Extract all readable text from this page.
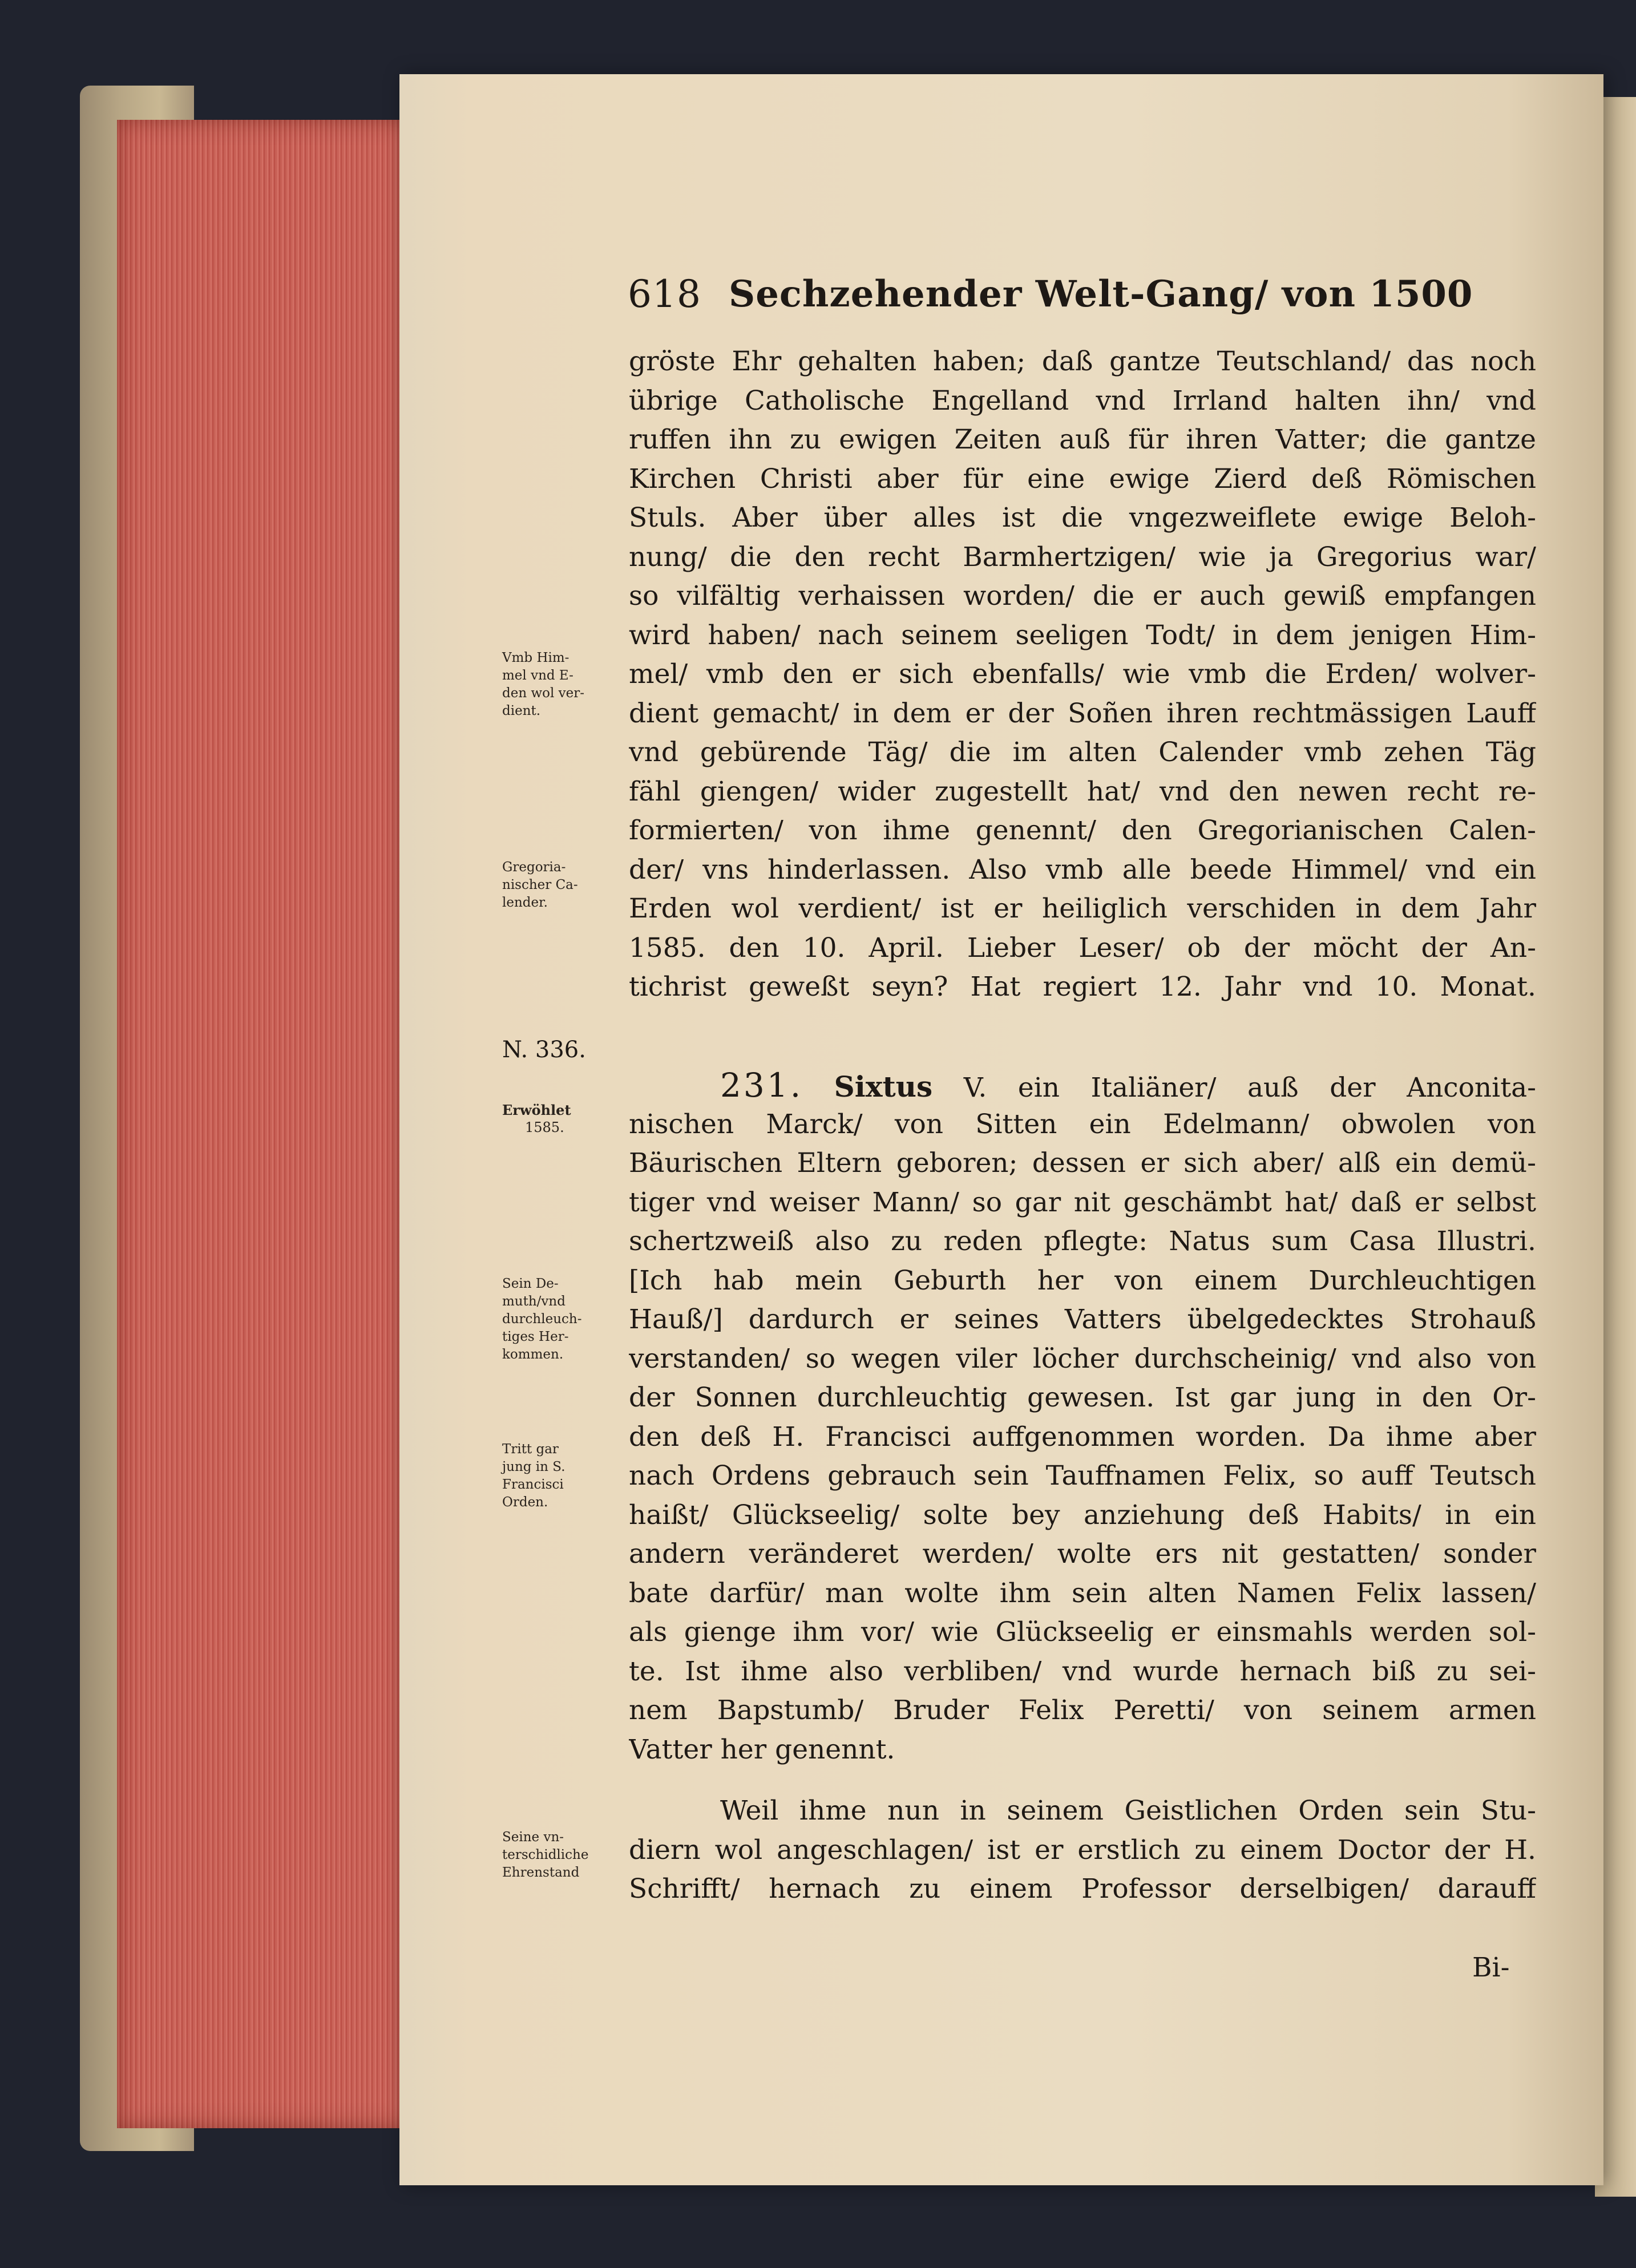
618 Sechzehender Welt-Gang/ von 1500
gröste Ehr gehalten haben; daß gantze Teutschland/ das noch
übrige Catholische Engelland vnd Irrland halten ihn/ vnd
ruffen ihn zu ewigen Zeiten auß für ihren Vatter; die gantze
Kirchen Christi aber für eine ewige Zierd deß Römischen
Stuls. Aber über alles ist die vngezweiflete ewige Beloh-
nung/ die den recht Barmhertzigen/ wie ja Gregorius war/
so vilfältig verhaissen worden/ die er auch gewiß empfangen
wird haben/ nach seinem seeligen Todt/ in dem jenigen Him-
mel/ vmb den er sich ebenfalls/ wie vmb die Erden/ wolver-
dient gemacht/ in dem er der Soñen ihren rechtmässigen Lauff
vnd gebürende Täg/ die im alten Calender vmb zehen Täg
fähl giengen/ wider zugestellt hat/ vnd den newen recht re-
formierten/ von ihme genennt/ den Gregorianischen Calen-
der/ vns hinderlassen. Also vmb alle beede Himmel/ vnd ein
Erden wol verdient/ ist er heiliglich verschiden in dem Jahr
1585. den 10. April. Lieber Leser/ ob der möcht der An-
tichrist geweßt seyn? Hat regiert 12. Jahr vnd 10. Monat.
231. Sixtus V. ein Italiäner/ auß der Anconita-
nischen Marck/ von Sitten ein Edelmann/ obwolen von
Bäurischen Eltern geboren; dessen er sich aber/ alß ein demü-
tiger vnd weiser Mann/ so gar nit geschämbt hat/ daß er selbst
schertzweiß also zu reden pflegte: Natus sum Casa Illustri.
[Ich hab mein Geburth her von einem Durchleuchtigen
Hauß/] dardurch er seines Vatters übelgedecktes Strohauß
verstanden/ so wegen viler löcher durchscheinig/ vnd also von
der Sonnen durchleuchtig gewesen. Ist gar jung in den Or-
den deß H. Francisci auffgenommen worden. Da ihme aber
nach Ordens gebrauch sein Tauffnamen Felix, so auff Teutsch
haißt/ Glückseelig/ solte bey anziehung deß Habits/ in ein
andern veränderet werden/ wolte ers nit gestatten/ sonder
bate darfür/ man wolte ihm sein alten Namen Felix lassen/
als gienge ihm vor/ wie Glückseelig er einsmahls werden sol-
te. Ist ihme also verbliben/ vnd wurde hernach biß zu sei-
nem Bapstumb/ Bruder Felix Peretti/ von seinem armen
Vatter her genennt.
Weil ihme nun in seinem Geistlichen Orden sein Stu-
diern wol angeschlagen/ ist er erstlich zu einem Doctor der H.
Schrifft/ hernach zu einem Professor derselbigen/ darauff
Bi-
Vmb Him-
mel vnd E-
den wol ver-
dient.
Gregoria-
nischer Ca-
lender.
N. 336.
Erwöhlet
1585.
Sein De-
muth/vnd
durchleuch-
tiges Her-
kommen.
Tritt gar
jung in S.
Francisci
Orden.
Seine vn-
terschidliche
Ehrenstand
